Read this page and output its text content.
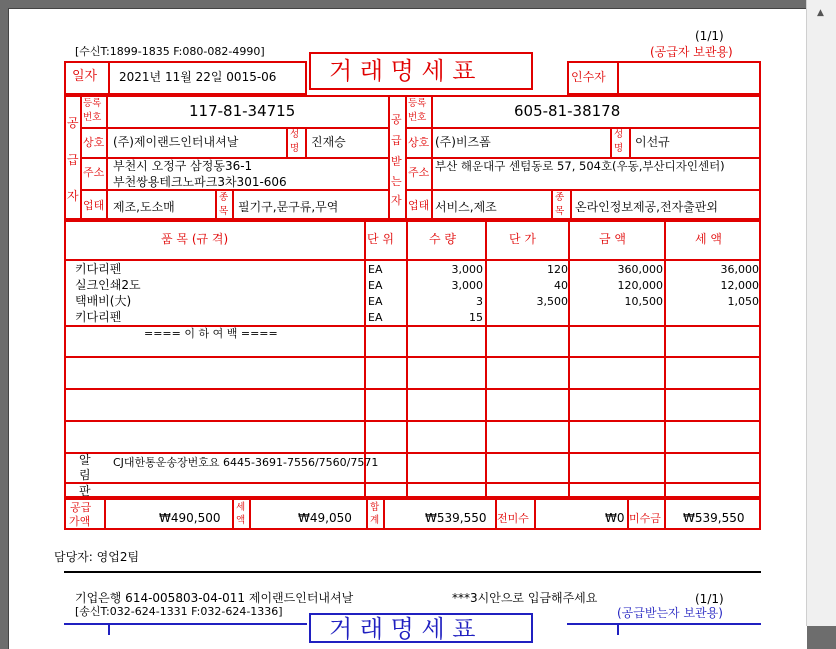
(1/1)
(공급자 보관용)
[수신T:1899-1835 F:080-082-4990]
거 래 명 세 표
일자 2021년 11월 22일 0015-06	인수자
공
급
자
등록
번호	117-81-34715
상호 (주)제이랜드인터내셔날
성
명 진재승
주소 부천시 오정구 삼정동36-1
부천쌍용테크노파크3차301-606
업태 제조,도소매
종
목 필기구,문구류,무역
공
급
받
는
자
등록
번호	605-81-38178
상호 (주)비즈폼
성
명 이선규
주소 부산 해운대구 센텀동로 57, 504호(우동,부산디자인센터)
업태 서비스,제조
종
목 온라인정보제공,전자출판외
품 목 (규 격)	단 위	수 량	단 가	금 액	세 액
키다리펜	EA	3,000	120	360,000	36,000
실크인쇄2도	EA	3,000	40	120,000	12,000
택배비(大)	EA	3	3,500	10,500	1,050
키다리펜	EA	15
==== 이 하 여 백 ====
알
림
판
CJ대한통운송장번호요 6445-3691-7556/7560/7571
공급
가액	₩490,500
세
액	₩49,050
합
계	₩539,550 전미수	₩0 미수금 ₩539,550
담당자: 영업2팀
기업은행 614-005803-04-011 제이랜드인터내셔날	***3시안으로 입금해주세요	(1/1)
[송신T:032-624-1331 F:032-624-1336]	(공급받는자 보관용)
거 래 명 세 표
▲
